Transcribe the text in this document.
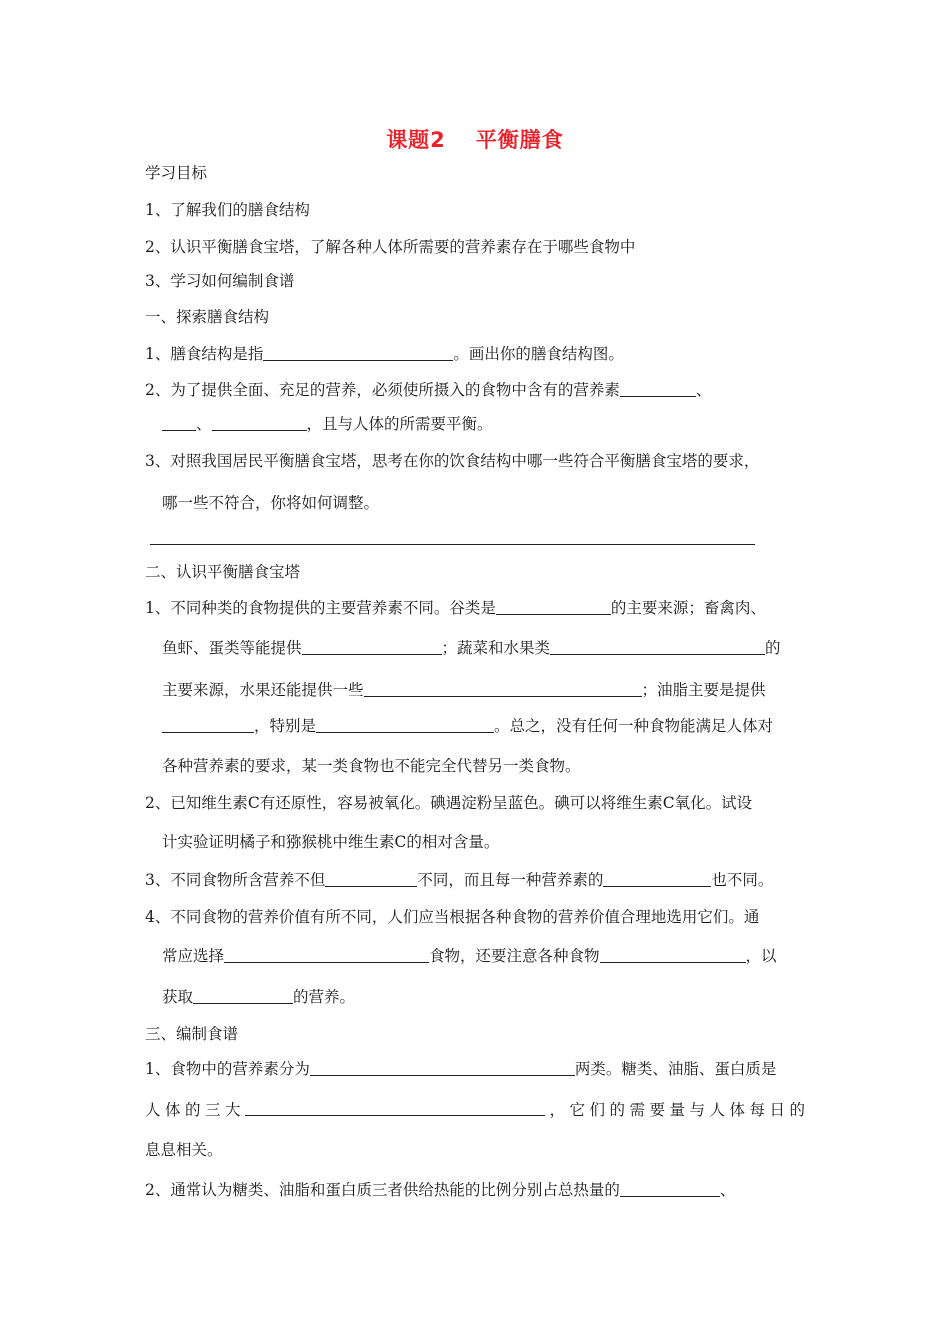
课题2 平衡膳食
学习目标
1、了解我们的膳食结构
2、认识平衡膳食宝塔，了解各种人体所需要的营养素存在于哪些食物中
3、学习如何编制食谱
一、探索膳食结构
1、膳食结构是指	。画出你的膳食结构图。
2、为了提供全面、充足的营养，必须使所摄入的食物中含有的营养素	、
、	，且与人体的所需要平衡。
3、对照我国居民平衡膳食宝塔，思考在你的饮食结构中哪一些符合平衡膳食宝塔的要求，
哪一些不符合，你将如何调整。
二、认识平衡膳食宝塔
1、不同种类的食物提供的主要营养素不同。谷类是	的主要来源；畜禽肉、
鱼虾、蛋类等能提供	；蔬菜和水果类	的
主要来源，水果还能提供一些	；油脂主要是提供
，特别是	。总之，没有任何一种食物能满足人体对
各种营养素的要求，某一类食物也不能完全代替另一类食物。
2、已知维生素C有还原性，容易被氧化。碘遇淀粉呈蓝色。碘可以将维生素C氧化。试设
计实验证明橘子和猕猴桃中维生素C的相对含量。
3、不同食物所含营养不但	不同，而且每一种营养素的	也不同。
4、不同食物的营养价值有所不同，人们应当根据各种食物的营养价值合理地选用它们。通
常应选择	食物，还要注意各种食物	，以
获取	的营养。
三、编制食谱
1、食物中的营养素分为	两类。糖类、油脂、蛋白质是
人 体 的 三 大	， 它 们 的 需 要 量 与 人 体 每 日 的
息息相关。
2、通常认为糖类、油脂和蛋白质三者供给热能的比例分别占总热量的	、
